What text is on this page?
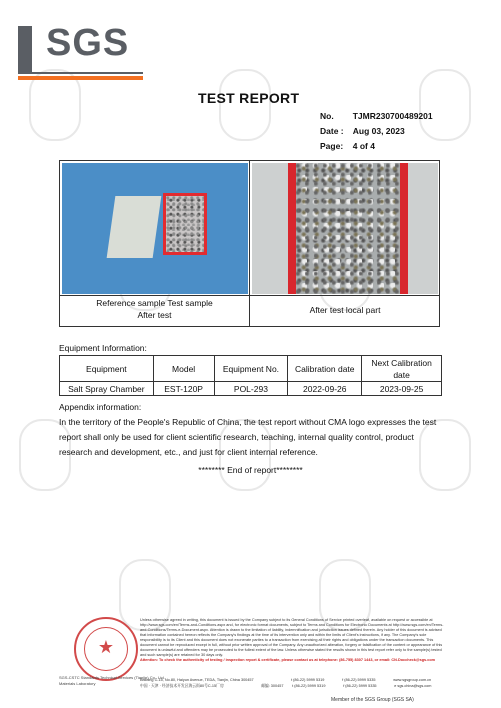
SGS
TEST REPORT
No. TJMR230700489201
Date : Aug 03, 2023
Page: 4 of 4
Reference sample Test sample
After test	After test local part
Equipment Information:
Equipment	Model	Equipment No.	Calibration date	Next Calibration date
Salt Spray Chamber	EST-120P	POL-293	2022-09-26	2023-09-25
Appendix information:
In the territory of the People's Republic of China, the test report without CMA logo expresses the test report shall only be used for client scientific research, teaching, internal quality control, product research and development, etc., and just for client internal reference.
******** End of report********
★
SGS-CSTC Standards Technical Services (Tianjin) Co., Ltd.
Materials Laboratory
Unless otherwise agreed in writing, this document is issued by the Company subject to its General Conditions of Service printed overleaf, available on request or accessible at http://www.sgs.com/en/Terms-and-Conditions.aspx and, for electronic format documents, subject to Terms and Conditions for Electronic Documents at http://www.sgs.com/en/Terms-and-Conditions/Terms-e-Document.aspx. Attention is drawn to the limitation of liability, indemnification and jurisdiction issues defined therein. Any holder of this document is advised that information contained hereon reflects the Company's findings at the time of its intervention only and within the limits of Client's instructions, if any. The Company's sole responsibility is to its Client and this document does not exonerate parties to a transaction from exercising all their rights and obligations under the transaction documents. This document cannot be reproduced except in full, without prior written approval of the Company. Any unauthorized alteration, forgery or falsification of the content or appearance of this document is unlawful and offenders may be prosecuted to the fullest extent of the law. Unless otherwise stated the results shown in this test report refer only to the sample(s) tested and such sample(s) are retained for 30 days only.
Attention: To check the authenticity of testing / inspection report & certificate, please contact us at telephone: (86-755) 8307 1443, or email: CN.Doccheck@sgs.com
Building C-15, No.80, Haiyun Avenue, TEDA, Tianjin, China 300457	t (86-22) 5999 5319	f (86-22) 5999 5335	www.sgsgroup.com.cn
中国 · 天津 · 经济技术开发区海云街80号C-15厂房	邮编: 300457 t (86-22) 5999 5319	f (86-22) 5999 5335	e sgs.china@sgs.com
Member of the SGS Group (SGS SA)
